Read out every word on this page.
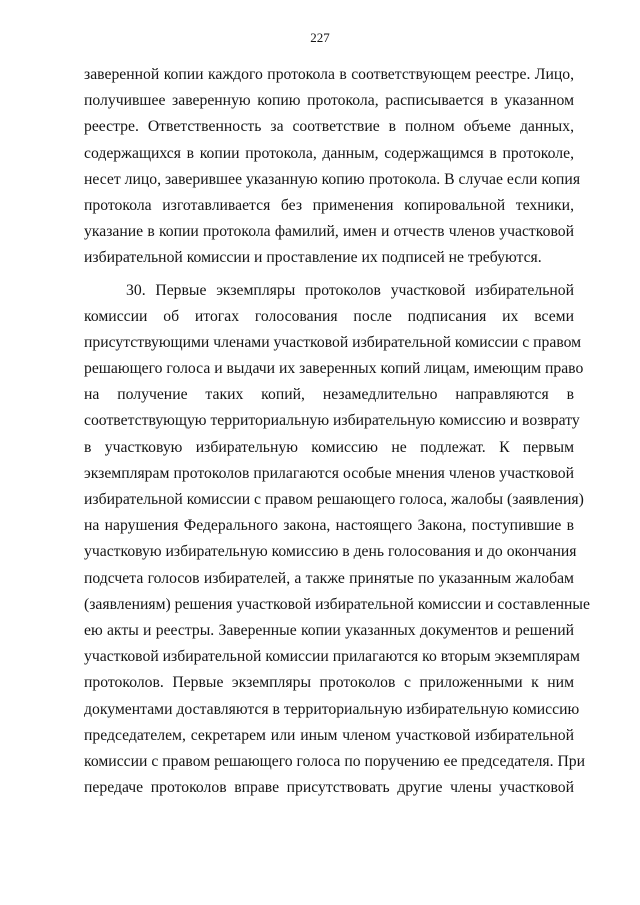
227
заверенной копии каждого протокола в соответствующем реестре. Лицо,
получившее заверенную копию протокола, расписывается в указанном
реестре. Ответственность за соответствие в полном объеме данных,
содержащихся в копии протокола, данным, содержащимся в протоколе,
несет лицо, заверившее указанную копию протокола. В случае если копия
протокола изготавливается без применения копировальной техники,
указание в копии протокола фамилий, имен и отчеств членов участковой
избирательной комиссии и проставление их подписей не требуются.
30. Первые экземпляры протоколов участковой избирательной
комиссии об итогах голосования после подписания их всеми
присутствующими членами участковой избирательной комиссии с правом
решающего голоса и выдачи их заверенных копий лицам, имеющим право
на получение таких копий, незамедлительно направляются в
соответствующую территориальную избирательную комиссию и возврату
в участковую избирательную комиссию не подлежат. К первым
экземплярам протоколов прилагаются особые мнения членов участковой
избирательной комиссии с правом решающего голоса, жалобы (заявления)
на нарушения Федерального закона, настоящего Закона, поступившие в
участковую избирательную комиссию в день голосования и до окончания
подсчета голосов избирателей, а также принятые по указанным жалобам
(заявлениям) решения участковой избирательной комиссии и составленные
ею акты и реестры. Заверенные копии указанных документов и решений
участковой избирательной комиссии прилагаются ко вторым экземплярам
протоколов. Первые экземпляры протоколов с приложенными к ним
документами доставляются в территориальную избирательную комиссию
председателем, секретарем или иным членом участковой избирательной
комиссии с правом решающего голоса по поручению ее председателя. При
передаче протоколов вправе присутствовать другие члены участковой
